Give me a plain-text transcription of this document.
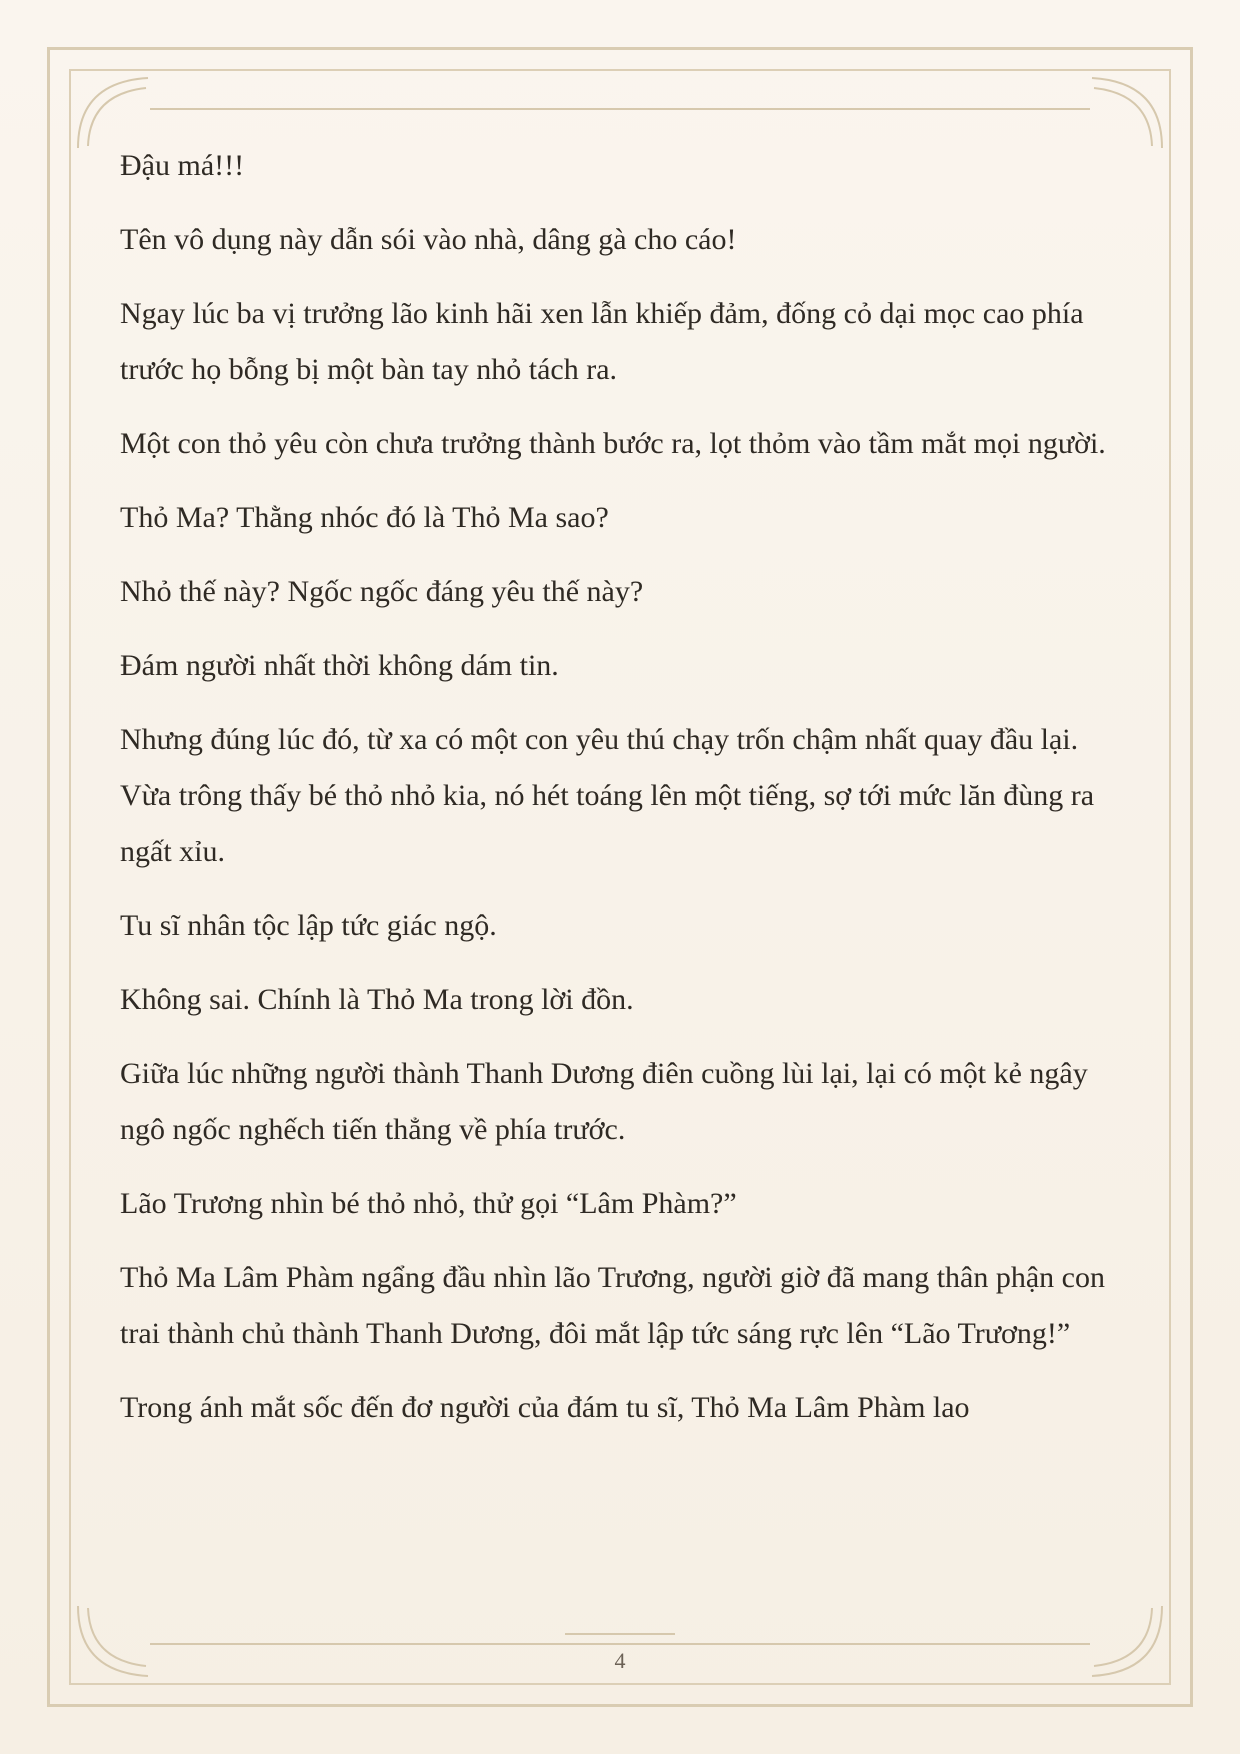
Đậu má!!!

Tên vô dụng này dẫn sói vào nhà, dâng gà cho cáo!

Ngay lúc ba vị trưởng lão kinh hãi xen lẫn khiếp đảm, đống cỏ dại mọc cao phía trước họ bỗng bị một bàn tay nhỏ tách ra.

Một con thỏ yêu còn chưa trưởng thành bước ra, lọt thỏm vào tầm mắt mọi người.

Thỏ Ma? Thằng nhóc đó là Thỏ Ma sao?

Nhỏ thế này? Ngốc ngốc đáng yêu thế này?

Đám người nhất thời không dám tin.

Nhưng đúng lúc đó, từ xa có một con yêu thú chạy trốn chậm nhất quay đầu lại. Vừa trông thấy bé thỏ nhỏ kia, nó hét toáng lên một tiếng, sợ tới mức lăn đùng ra ngất xỉu.

Tu sĩ nhân tộc lập tức giác ngộ.

Không sai. Chính là Thỏ Ma trong lời đồn.

Giữa lúc những người thành Thanh Dương điên cuồng lùi lại, lại có một kẻ ngây ngô ngốc nghếch tiến thẳng về phía trước.

Lão Trương nhìn bé thỏ nhỏ, thử gọi “Lâm Phàm?”

Thỏ Ma Lâm Phàm ngẩng đầu nhìn lão Trương, người giờ đã mang thân phận con trai thành chủ thành Thanh Dương, đôi mắt lập tức sáng rực lên “Lão Trương!”

Trong ánh mắt sốc đến đơ người của đám tu sĩ, Thỏ Ma Lâm Phàm lao

4
